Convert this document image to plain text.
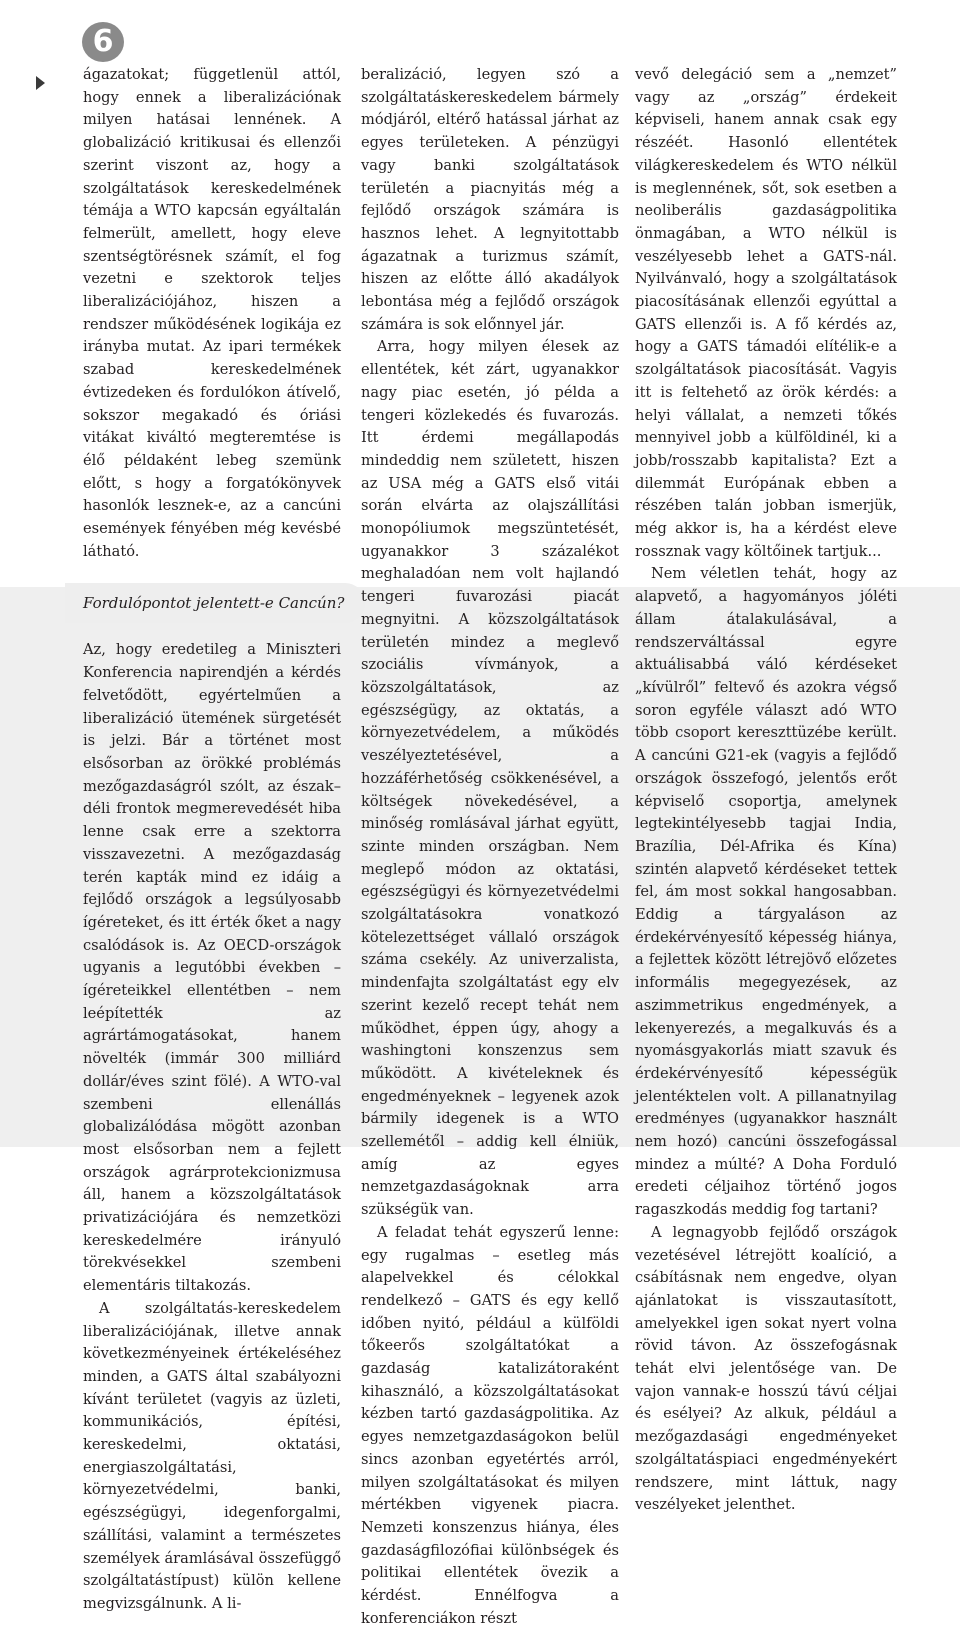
6

ágazatokat; függetlenül attól, hogy ennek a liberalizációnak milyen hatásai lennének. A globalizáció kritikusai és ellenzői szerint viszont az, hogy a szolgáltatások kereskedelmének témája a WTO kapcsán egyáltalán felmerült, amellett, hogy eleve szentségtörésnek számít, el fog vezetni e szektorok teljes liberalizációjához, hiszen a rendszer működésének logikája ez irányba mutat. Az ipari termékek szabad kereskedelmének évtizedeken és fordulókon átívelő, sokszor megakadó és óriási vitákat kiváltó megteremtése is élő példaként lebeg szemünk előtt, s hogy a forgatókönyvek hasonlók lesznek-e, az a cancúni események fényében még kevésbé látható.

Fordulópontot jelentett-e Cancún?

Az, hogy eredetileg a Miniszteri Konferencia napirendjén a kérdés felvetődött, egyértelműen a liberalizáció ütemének sürgetését is jelzi. Bár a történet most elsősorban az örökké problémás mezőgazdaságról szólt, az észak–déli frontok megmerevedését hiba lenne csak erre a szektorra visszavezetni. A mezőgazdaság terén kapták mind ez idáig a fejlődő országok a legsúlyosabb ígéreteket, és itt érték őket a nagy csalódások is. Az OECD-országok ugyanis a legutóbbi években – ígéreteikkel ellentétben – nem leépítették az agrártámogatásokat, hanem növelték (immár 300 milliárd dollár/éves szint fölé). A WTO-val szembeni ellenállás globalizálódása mögött azonban most elsősorban nem a fejlett országok agrárprotekcionizmusa áll, hanem a közszolgáltatások privatizációjára és nemzetközi kereskedelmére irányuló törekvésekkel szembeni elementáris tiltakozás.

A szolgáltatás-kereskedelem liberalizációjának, illetve annak következményeinek értékeléséhez minden, a GATS által szabályozni kívánt területet (vagyis az üzleti, kommunikációs, építési, kereskedelmi, oktatási, energiaszolgáltatási, környezetvédelmi, banki, egészségügyi, idegenforgalmi, szállítási, valamint a természetes személyek áramlásával összefüggő szolgáltatástípust) külön kellene megvizsgálnunk. A li-

beralizáció, legyen szó a szolgáltatáskereskedelem bármely módjáról, eltérő hatással járhat az egyes területeken. A pénzügyi vagy banki szolgáltatások területén a piacnyitás még a fejlődő országok számára is hasznos lehet. A legnyitottabb ágazatnak a turizmus számít, hiszen az előtte álló akadályok lebontása még a fejlődő országok számára is sok előnnyel jár.

Arra, hogy milyen élesek az ellentétek, két zárt, ugyanakkor nagy piac esetén, jó példa a tengeri közlekedés és fuvarozás. Itt érdemi megállapodás mindeddig nem született, hiszen az USA még a GATS első vitái során elvárta az olajszállítási monopóliumok megszüntetését, ugyanakkor 3 százalékot meghaladóan nem volt hajlandó tengeri fuvarozási piacát megnyitni. A közszolgáltatások területén mindez a meglevő szociális vívmányok, a közszolgáltatások, az egészségügy, az oktatás, a környezetvédelem, a működés veszélyeztetésével, a hozzáférhetőség csökkenésével, a költségek növekedésével, a minőség romlásával járhat együtt, szinte minden országban. Nem meglepő módon az oktatási, egészségügyi és környezetvédelmi szolgáltatásokra vonatkozó kötelezettséget vállaló országok száma csekély. Az univerzalista, mindenfajta szolgáltatást egy elv szerint kezelő recept tehát nem működhet, éppen úgy, ahogy a washingtoni konszenzus sem működött. A kivételeknek és engedményeknek – legyenek azok bármily idegenek is a WTO szellemétől – addig kell élniük, amíg az egyes nemzetgazdaságoknak arra szükségük van.

A feladat tehát egyszerű lenne: egy rugalmas – esetleg más alapelvekkel és célokkal rendelkező – GATS és egy kellő időben nyitó, például a külföldi tőkeerős szolgáltatókat a gazdaság katalizátoraként kihasználó, a közszolgáltatásokat kézben tartó gazdaságpolitika. Az egyes nemzetgazdaságokon belül sincs azonban egyetértés arról, milyen szolgáltatásokat és milyen mértékben vigyenek piacra. Nemzeti konszenzus hiánya, éles gazdaságfilozófiai különbségek és politikai ellentétek övezik a kérdést. Ennélfogva a konferenciákon részt

vevő delegáció sem a „nemzet” vagy az „ország” érdekeit képviseli, hanem annak csak egy részéét. Hasonló ellentétek világkereskedelem és WTO nélkül is meglennének, sőt, sok esetben a neoliberális gazdaságpolitika önmagában, a WTO nélkül is veszélyesebb lehet a GATS-nál. Nyilvánvaló, hogy a szolgáltatások piacosításának ellenzői egyúttal a GATS ellenzői is. A fő kérdés az, hogy a GATS támadói elítélik-e a szolgáltatások piacosítását. Vagyis itt is feltehető az örök kérdés: a helyi vállalat, a nemzeti tőkés mennyivel jobb a külföldinél, ki a jobb/rosszabb kapitalista? Ezt a dilemmát Európának ebben a részében talán jobban ismerjük, még akkor is, ha a kérdést eleve rossznak vagy költőinek tartjuk...

Nem véletlen tehát, hogy az alapvető, a hagyományos jóléti állam átalakulásával, a rendszerváltással egyre aktuálisabbá váló kérdéseket „kívülről” feltevő és azokra végső soron egyféle választ adó WTO több csoport kereszttüzébe került. A cancúni G21-ek (vagyis a fejlődő országok összefogó, jelentős erőt képviselő csoportja, amelynek legtekintélyesebb tagjai India, Brazília, Dél-Afrika és Kína) szintén alapvető kérdéseket tettek fel, ám most sokkal hangosabban. Eddig a tárgyaláson az érdekérvényesítő képesség hiánya, a fejlettek között létrejövő előzetes informális megegyezések, az aszimmetrikus engedmények, a lekenyerezés, a megalkuvás és a nyomásgyakorlás miatt szavuk és érdekérvényesítő képességük jelentéktelen volt. A pillanatnyilag eredményes (ugyanakkor használt nem hozó) cancúni összefogással mindez a múlté? A Doha Forduló eredeti céljaihoz történő jogos ragaszkodás meddig fog tartani?

A legnagyobb fejlődő országok vezetésével létrejött koalíció, a csábításnak nem engedve, olyan ajánlatokat is visszautasított, amelyekkel igen sokat nyert volna rövid távon. Az összefogásnak tehát elvi jelentősége van. De vajon vannak-e hosszú távú céljai és esélyei? Az alkuk, például a mezőgazdasági engedményeket szolgáltatáspiaci engedményekért rendszere, mint láttuk, nagy veszélyeket jelenthet.
